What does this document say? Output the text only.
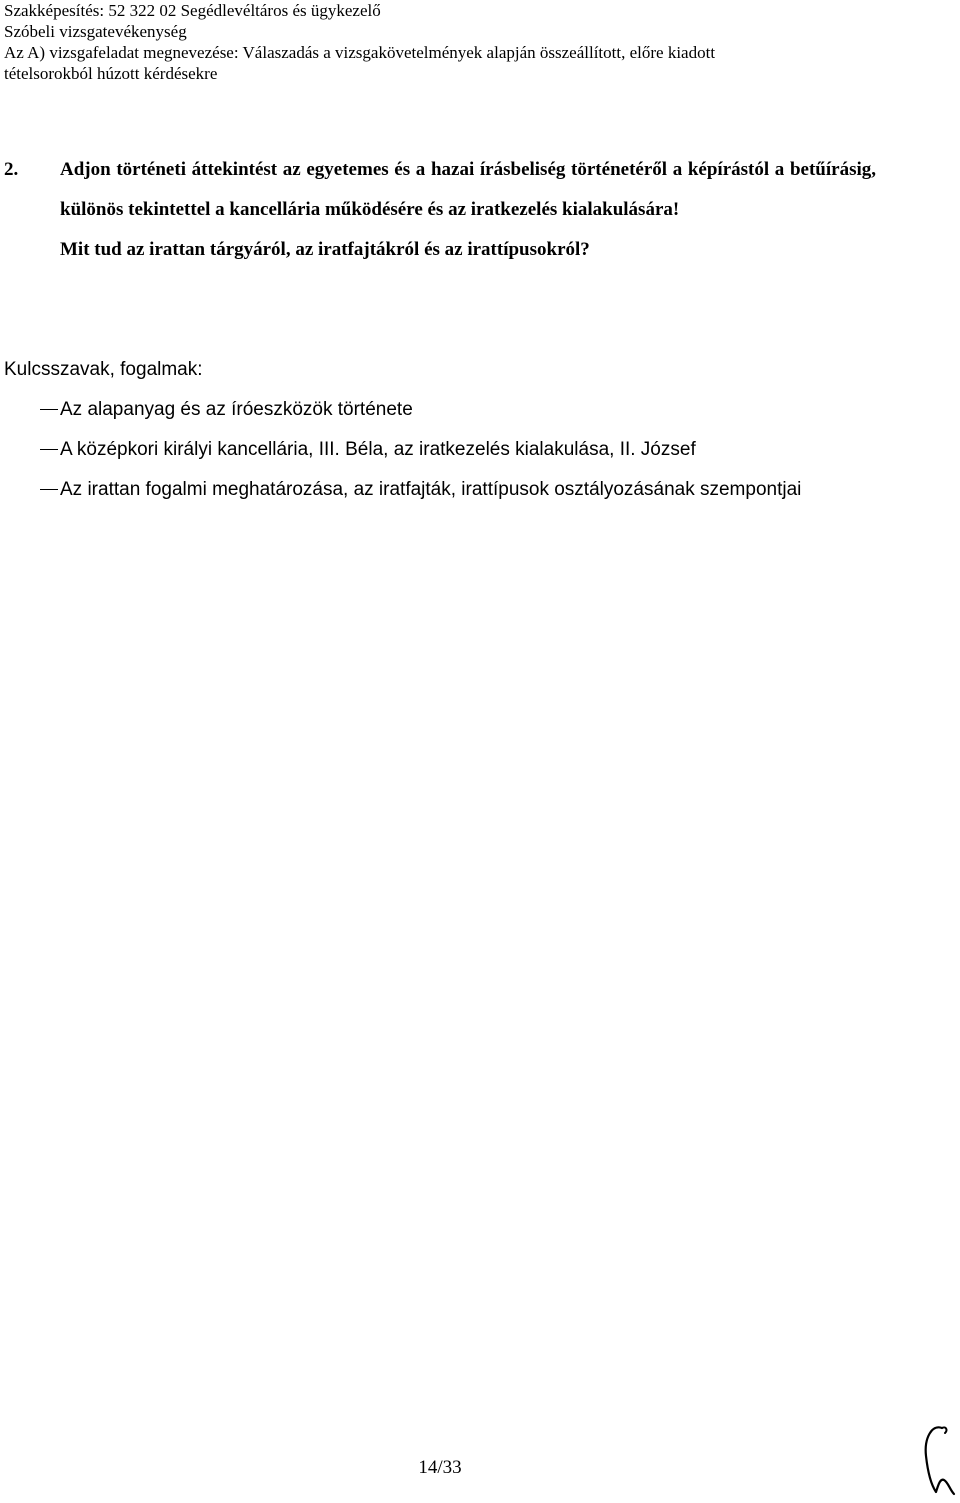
Szakképesítés: 52 322 02 Segédlevéltáros és ügykezelő
Szóbeli vizsgatevékenység
Az A) vizsgafeladat megnevezése: Válaszadás a vizsgakövetelmények alapján összeállított, előre kiadott
tételsorokból húzott kérdésekre
2. Adjon történeti áttekintést az egyetemes és a hazai írásbeliség történetéről a képírástól a betűírásig, különös tekintettel a kancellária működésére és az iratkezelés kialakulására!
Mit tud az irattan tárgyáról, az iratfajtákról és az irattípusokról?
Kulcsszavak, fogalmak:
Az alapanyag és az íróeszközök története
A középkori királyi kancellária, III. Béla, az iratkezelés kialakulása, II. József
Az irattan fogalmi meghatározása, az iratfajták, irattípusok osztályozásának szempontjai
14/33
